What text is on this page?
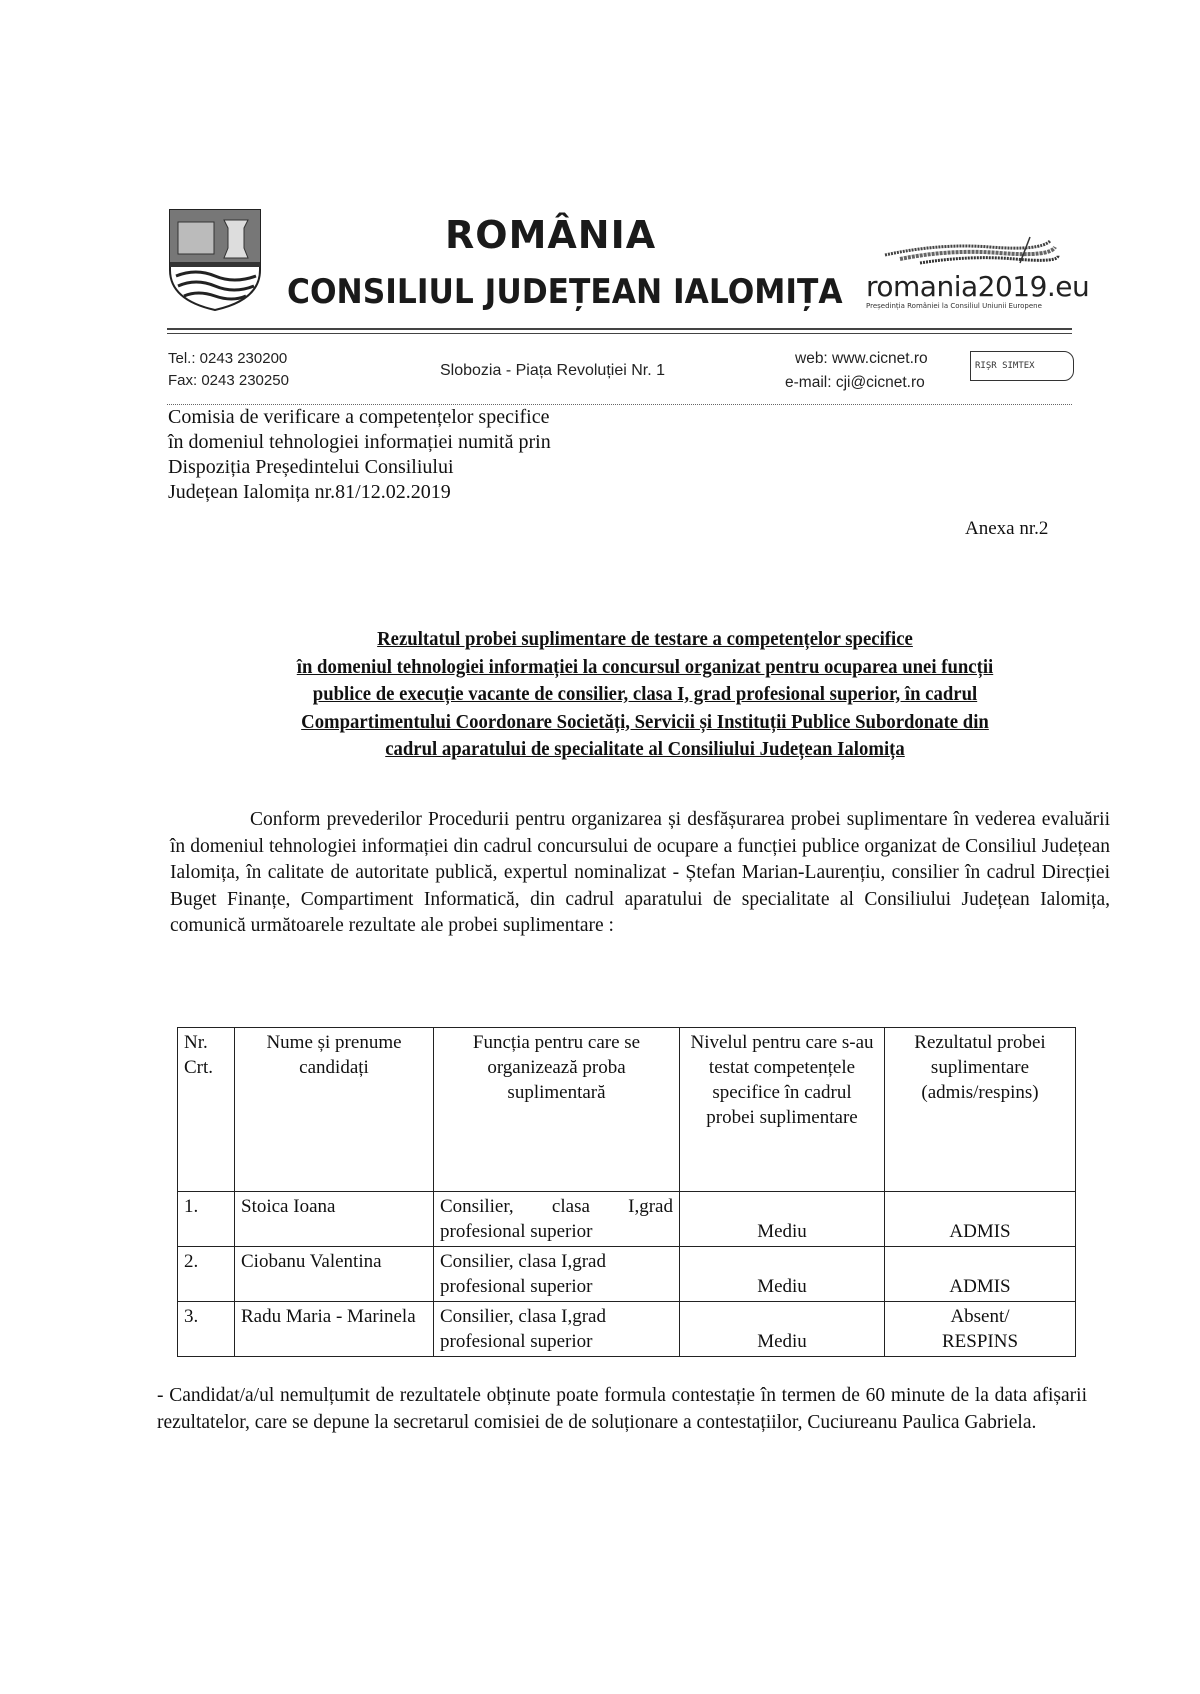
ROMÂNIA
CONSILIUL JUDEȚEAN IALOMIȚA romania2019.eu
Președinția României la Consiliul Uniunii Europene
Tel.: 0243 230200
Fax: 0243 230250
Slobozia - Piața Revoluției Nr. 1
web: www.cicnet.ro
e-mail: cji@cicnet.ro
RIȘR SIMTEX
Comisia de verificare a competențelor specifice
în domeniul tehnologiei informației numită prin
Dispoziția Președintelui Consiliului
Județean Ialomița nr.81/12.02.2019
Anexa nr.2
Rezultatul probei suplimentare de testare a competențelor specifice
în domeniul tehnologiei informației la concursul organizat pentru ocuparea unei funcții
publice de execuție vacante de consilier, clasa I, grad profesional superior, în cadrul
Compartimentului Coordonare Societăți, Servicii și Instituții Publice Subordonate din
cadrul aparatului de specialitate al Consiliului Județean Ialomița
Conform prevederilor Procedurii pentru organizarea și desfășurarea probei suplimentare în vederea evaluării în domeniul tehnologiei informației din cadrul concursului de ocupare a funcției publice organizat de Consiliul Județean Ialomița, în calitate de autoritate publică, expertul nominalizat - Ștefan Marian-Laurențiu, consilier în cadrul Direcției Buget Finanțe, Compartiment Informatică, din cadrul aparatului de specialitate al Consiliului Județean Ialomița, comunică următoarele rezultate ale probei suplimentare :
Nr. Crt.	Nume și prenume candidați	Funcția pentru care se organizează proba suplimentară	Nivelul pentru care s-au testat competențele specifice în cadrul probei suplimentare	Rezultatul probei suplimentare (admis/respins)
1.	Stoica Ioana	Consilier, clasa I,grad profesional superior	Mediu	ADMIS
2.	Ciobanu Valentina	Consilier, clasa I,grad profesional superior	Mediu	ADMIS
3.	Radu Maria - Marinela	Consilier, clasa I,grad profesional superior	Mediu	Absent/ RESPINS
- Candidat/a/ul nemulțumit de rezultatele obținute poate formula contestație în termen de 60 minute de la data afișarii rezultatelor, care se depune la secretarul comisiei de de soluționare a contestațiilor, Cuciureanu Paulica Gabriela.
